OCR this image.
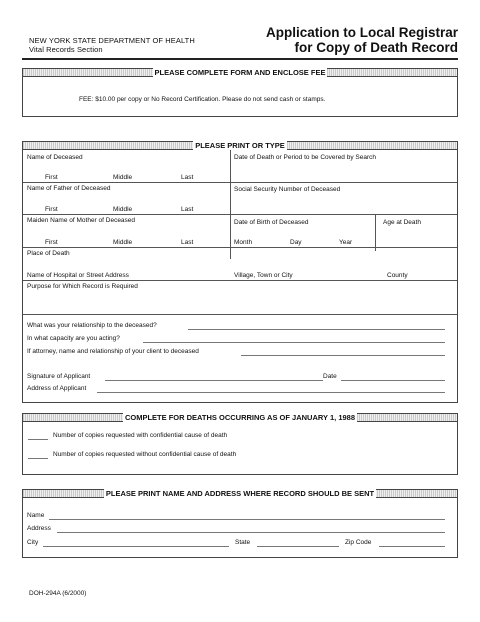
NEW YORK STATE DEPARTMENT OF HEALTH
Vital Records Section
Application to Local Registrar
for Copy of Death Record
PLEASE COMPLETE FORM AND ENCLOSE FEE
FEE: $10.00 per copy or No Record Certification. Please do not send cash or stamps.
PLEASE PRINT OR TYPE
Name of Deceased	Date of Death or Period to be Covered by Search
First	Middle	Last
Name of Father of Deceased	Social Security Number of Deceased
First	Middle	Last
Maiden Name of Mother of Deceased	Date of Birth of Deceased	Age at Death
First	Middle	Last	Month	Day	Year
Place of Death
Name of Hospital or Street Address	Village, Town or City	County
Purpose for Which Record is Required
What was your relationship to the deceased?
In what capacity are you acting?
If attorney, name and relationship of your client to deceased
Signature of Applicant	Date
Address of Applicant
COMPLETE FOR DEATHS OCCURRING AS OF JANUARY 1, 1988
Number of copies requested with confidential cause of death
Number of copies requested without confidential cause of death
PLEASE PRINT NAME AND ADDRESS WHERE RECORD SHOULD BE SENT
Name
Address
City	State	Zip Code
DOH-294A (6/2000)
